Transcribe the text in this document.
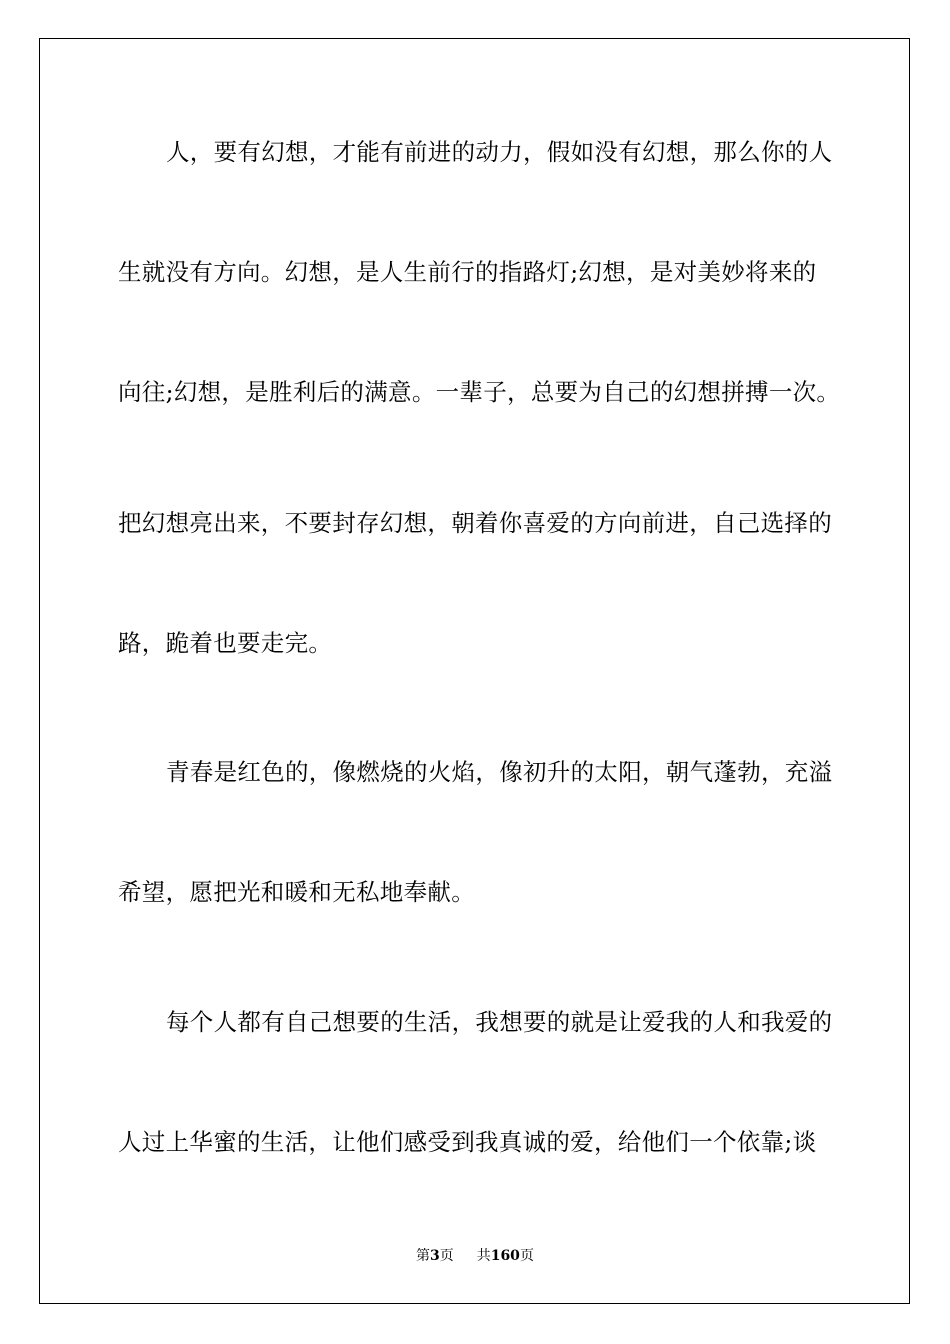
人，要有幻想，才能有前进的动力，假如没有幻想，那么你的人
生就没有方向。幻想，是人生前行的指路灯;幻想，是对美妙将来的
向往;幻想，是胜利后的满意。一辈子，总要为自己的幻想拼搏一次。
把幻想亮出来，不要封存幻想，朝着你喜爱的方向前进，自己选择的
路，跪着也要走完。
青春是红色的，像燃烧的火焰，像初升的太阳，朝气蓬勃，充溢
希望，愿把光和暖和无私地奉献。
每个人都有自己想要的生活，我想要的就是让爱我的人和我爱的
人过上华蜜的生活，让他们感受到我真诚的爱，给他们一个依靠;谈
第3页 共160页
